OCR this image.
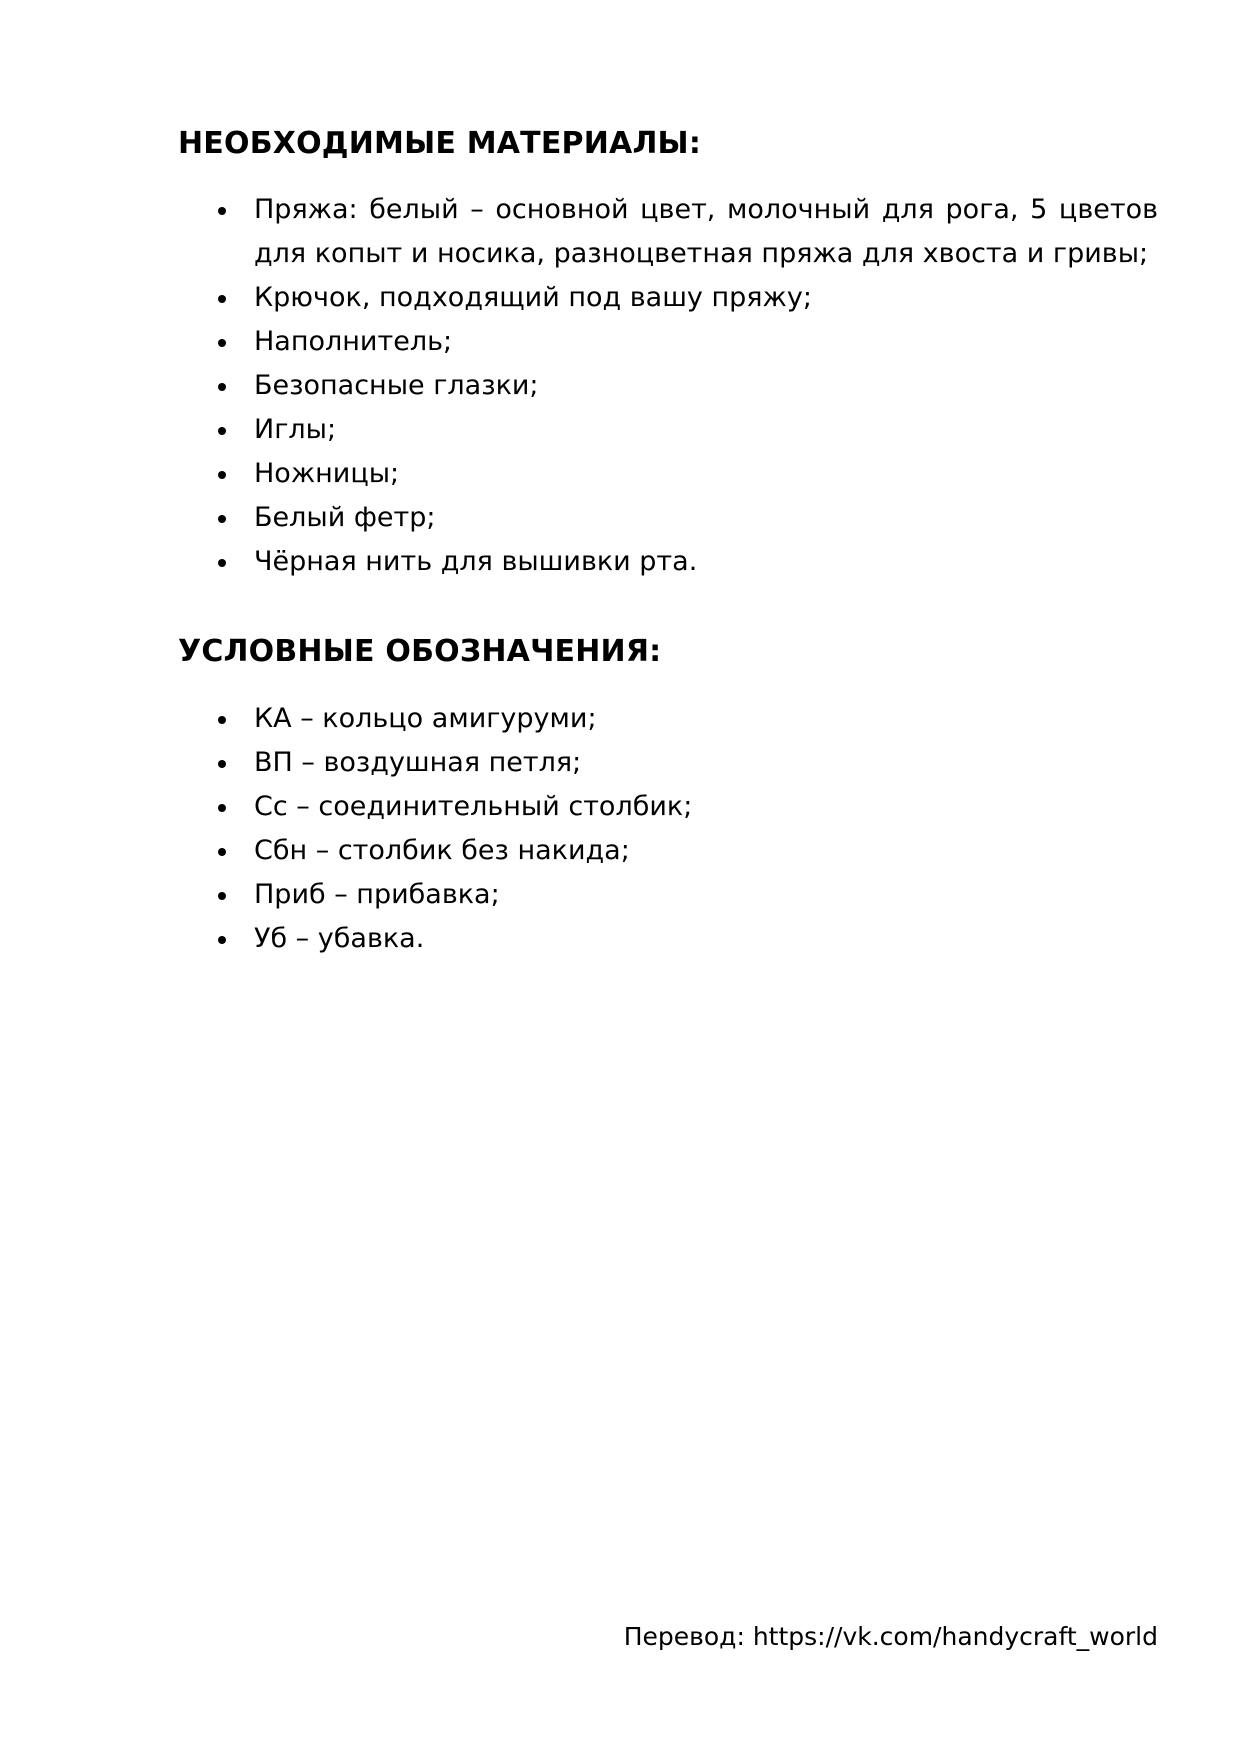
НЕОБХОДИМЫЕ МАТЕРИАЛЫ:
Пряжа: белый – основной цвет, молочный для рога, 5 цветов для копыт и носика, разноцветная пряжа для хвоста и гривы;
Крючок, подходящий под вашу пряжу;
Наполнитель;
Безопасные глазки;
Иглы;
Ножницы;
Белый фетр;
Чёрная нить для вышивки рта.
УСЛОВНЫЕ ОБОЗНАЧЕНИЯ:
КА – кольцо амигуруми;
ВП – воздушная петля;
Сс – соединительный столбик;
Сбн – столбик без накида;
Приб – прибавка;
Уб – убавка.
Перевод: https://vk.com/handycraft_world
